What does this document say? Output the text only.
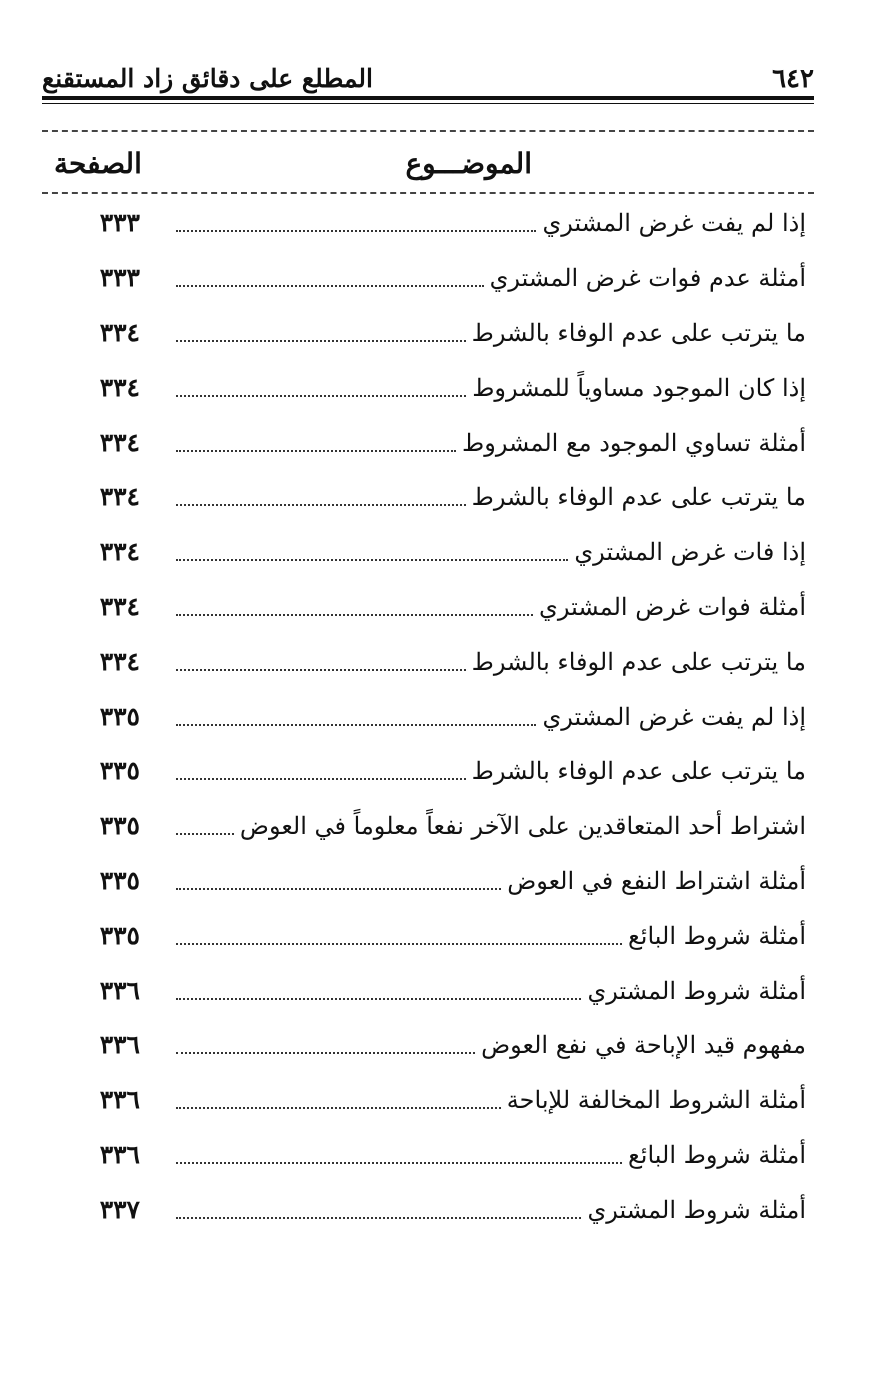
٦٤٢
المطلع على دقائق زاد المستقنع
الموضـــوع
الصفحة
إذا لم يفت غرض المشتري
٣٣٣
أمثلة عدم فوات غرض المشتري
٣٣٣
ما يترتب على عدم الوفاء بالشرط
٣٣٤
إذا كان الموجود مساوياً للمشروط
٣٣٤
أمثلة تساوي الموجود مع المشروط
٣٣٤
ما يترتب على عدم الوفاء بالشرط
٣٣٤
إذا فات غرض المشتري
٣٣٤
أمثلة فوات غرض المشتري
٣٣٤
ما يترتب على عدم الوفاء بالشرط
٣٣٤
إذا لم يفت غرض المشتري
٣٣٥
ما يترتب على عدم الوفاء بالشرط
٣٣٥
اشتراط أحد المتعاقدين على الآخر نفعاً معلوماً في العوض
٣٣٥
أمثلة اشتراط النفع في العوض
٣٣٥
أمثلة شروط البائع
٣٣٥
أمثلة شروط المشتري
٣٣٦
مفهوم قيد الإباحة في نفع العوض
٣٣٦
أمثلة الشروط المخالفة للإباحة
٣٣٦
أمثلة شروط البائع
٣٣٦
أمثلة شروط المشتري
٣٣٧
